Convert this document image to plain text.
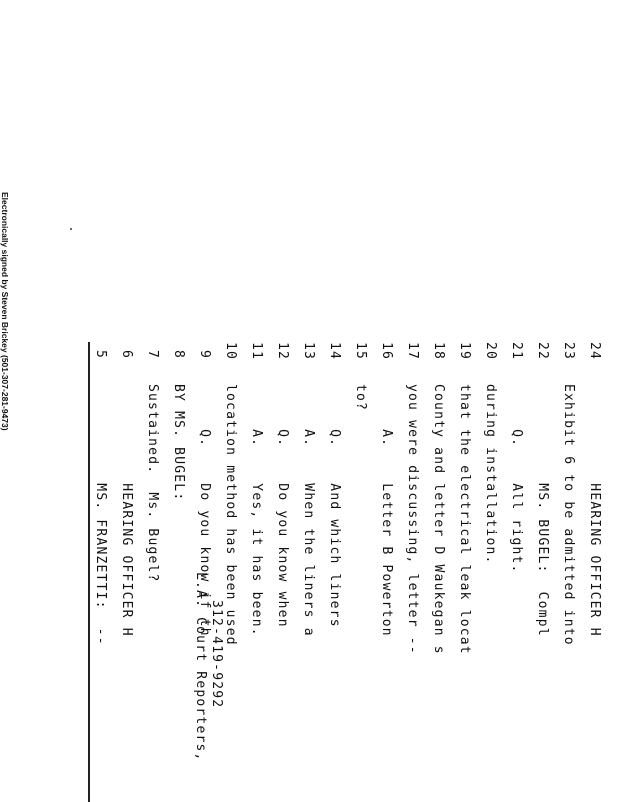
Electronically signed by Steven Brickey (501-307-281-9473)	5
MS. FRANZETTI:  --
6
HEARING OFFICER H
7
Sustained.  Ms. Bugel?
8
BY MS. BUGEL:
9
Q.    Do you know if th
10
location method has been used
11
A.    Yes, it has been.
12
Q.    Do you know when
13
A.    When the liners a
14
Q.    And which liners
15
to?
16
A.    Letter B Powerton
17
you were discussing, letter --
18
County and letter D Waukegan s
19
that the electrical leak locat
20
during installation.
21
Q.    All right.
22
MS. BUGEL:  Compl
23
Exhibit 6 to be admitted into
24
HEARING OFFICER H
L.A. Court Reporters, 312-419-9292
